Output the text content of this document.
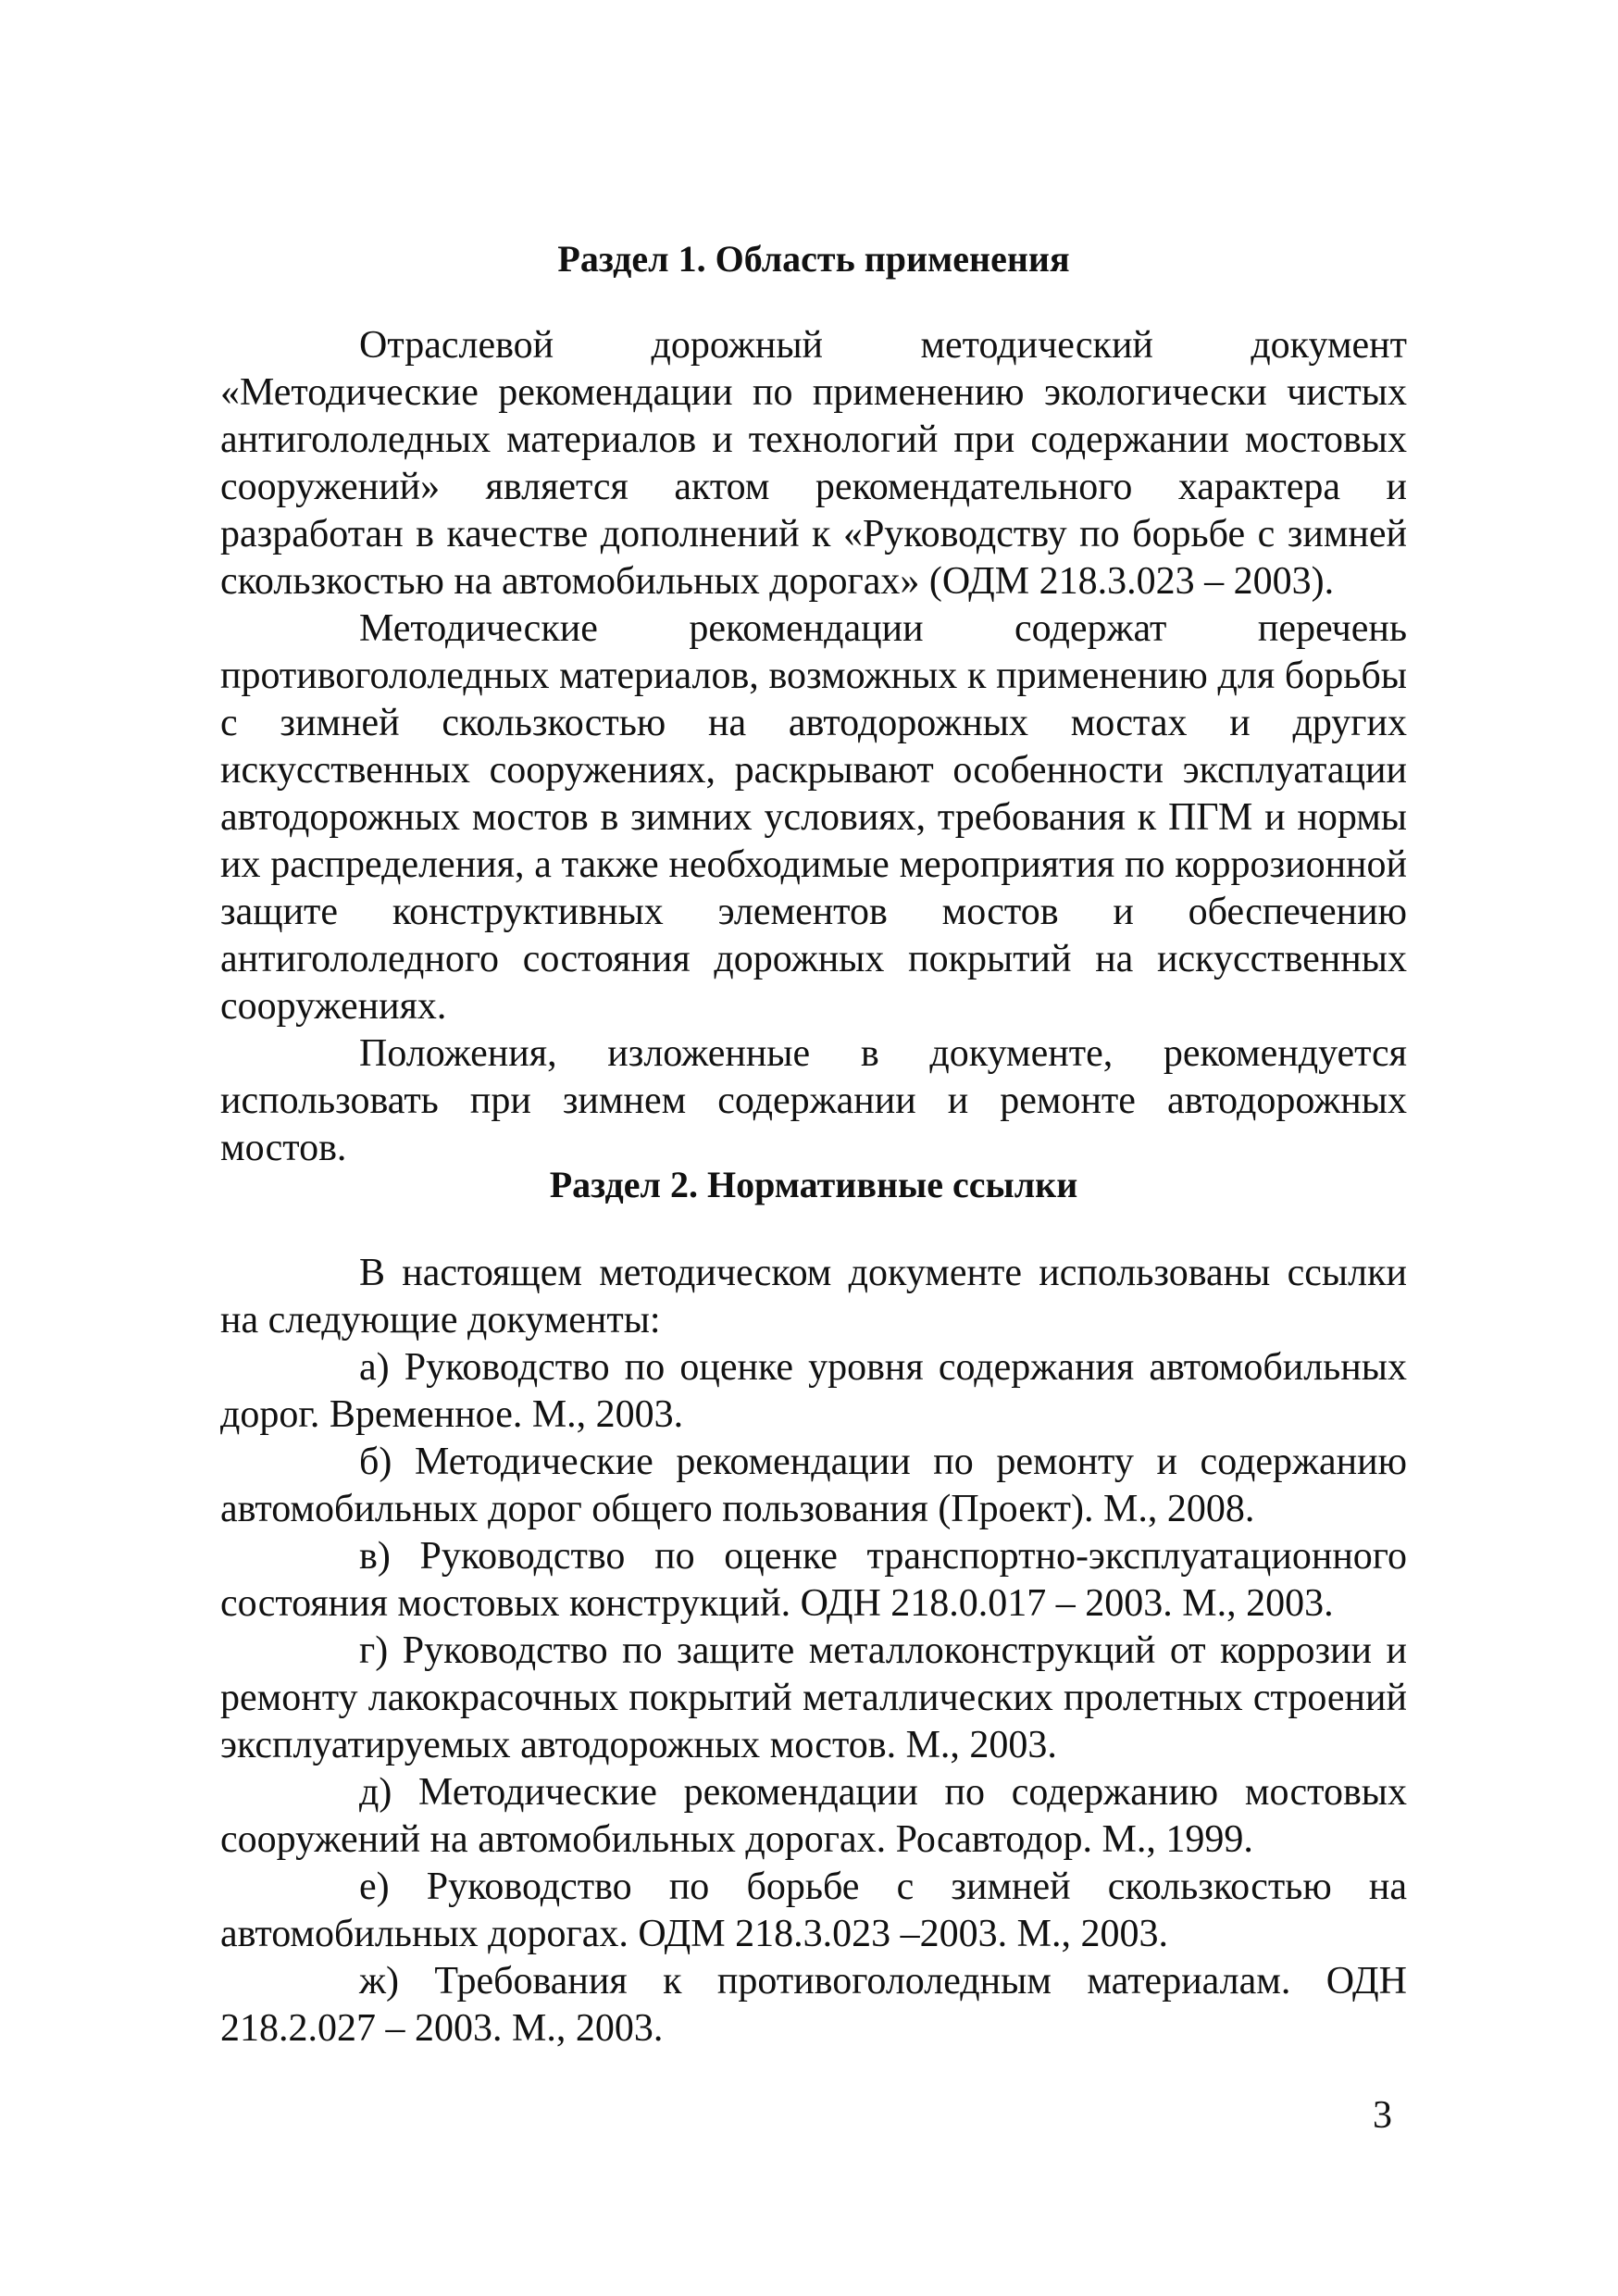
Раздел 1. Область применения

Отраслевой дорожный методический документ «Методические рекомендации по применению экологически чистых антигололедных материалов и технологий при содержании мостовых сооружений» является актом рекомендательного характера и разработан в качестве дополнений к «Руководству по борьбе с зимней скользкостью на автомобильных дорогах» (ОДМ 218.3.023 – 2003).

Методические рекомендации содержат перечень противогололедных материалов, возможных к применению для борьбы с зимней скользкостью на автодорожных мостах и других искусственных сооружениях, раскрывают особенности эксплуатации автодорожных мостов в зимних условиях, требования к ПГМ и нормы их распределения, а также необходимые мероприятия по коррозионной защите конструктивных элементов мостов и обеспечению антигололедного состояния дорожных покрытий на искусственных сооружениях.

Положения, изложенные в документе, рекомендуется использовать при зимнем содержании и ремонте автодорожных мостов.

Раздел 2. Нормативные ссылки

В настоящем методическом документе использованы ссылки на следующие документы:

а) Руководство по оценке уровня содержания автомобильных дорог. Временное. М., 2003.

б) Методические рекомендации по ремонту и содержанию автомобильных дорог общего пользования (Проект). М., 2008.

в) Руководство по оценке транспортно-эксплуатационного состояния мостовых конструкций. ОДН 218.0.017 – 2003. М., 2003.

г) Руководство по защите металлоконструкций от коррозии и ремонту лакокрасочных покрытий металлических пролетных строений эксплуатируемых автодорожных мостов. М., 2003.

д) Методические рекомендации по содержанию мостовых сооружений на автомобильных дорогах. Росавтодор. М., 1999.

е) Руководство по борьбе с зимней скользкостью на автомобильных дорогах. ОДМ 218.3.023 –2003. М., 2003.

ж) Требования к противогололедным материалам. ОДН 218.2.027 – 2003. М., 2003.

3
